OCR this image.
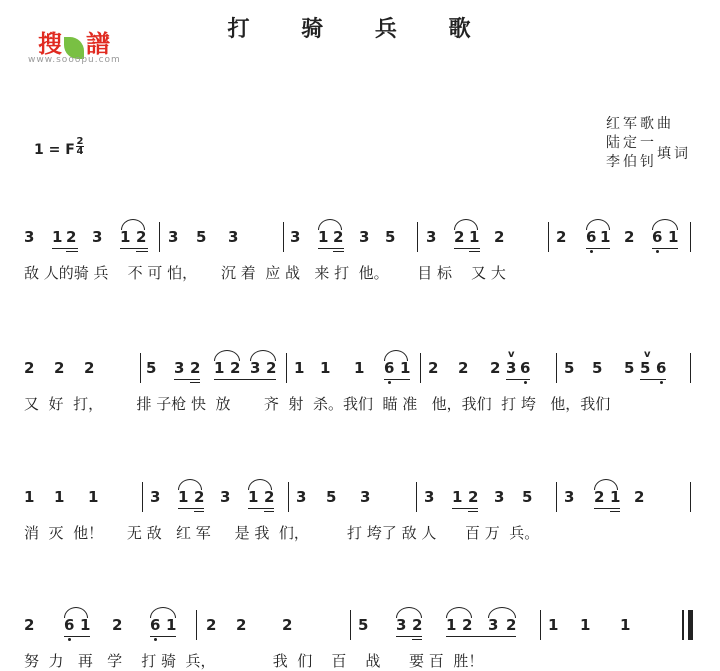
打 骑 兵 歌
搜 譜
www.sooopu.com
红军歌曲
陆定一
李伯钊填词
1 = F
2
4
3 1 2 3 1 2 3 5 3	3 1 2 3 5 3 2 1 2	2 6 1 2 6 1
敌 人的骑 兵    不 可 怕，     沉 着  应 战   来 打  他。      目 标    又 大
2 2 2	5 3 2 1 2 3 2 1 1 1 6 1 2 2 2
v
3 6 5 5 5
v
5 6
又  好  打，       排 子枪 快  放       齐  射  杀。我们  瞄 准   他，我们  打 垮   他，我们
1 1 1	3 1 2 3 1 2 3 5 3	3 1 2 3 5 3 2 1 2
消  灭  他！     无 敌   红 军     是 我  们，        打 垮了 敌 人      百 万  兵。
2 6 1 2 6 1 2 2 2	5 3 2 1 2 3 2 1 1 1
努  力   再   学    打 骑  兵，            我  们    百    战      要 百  胜！
